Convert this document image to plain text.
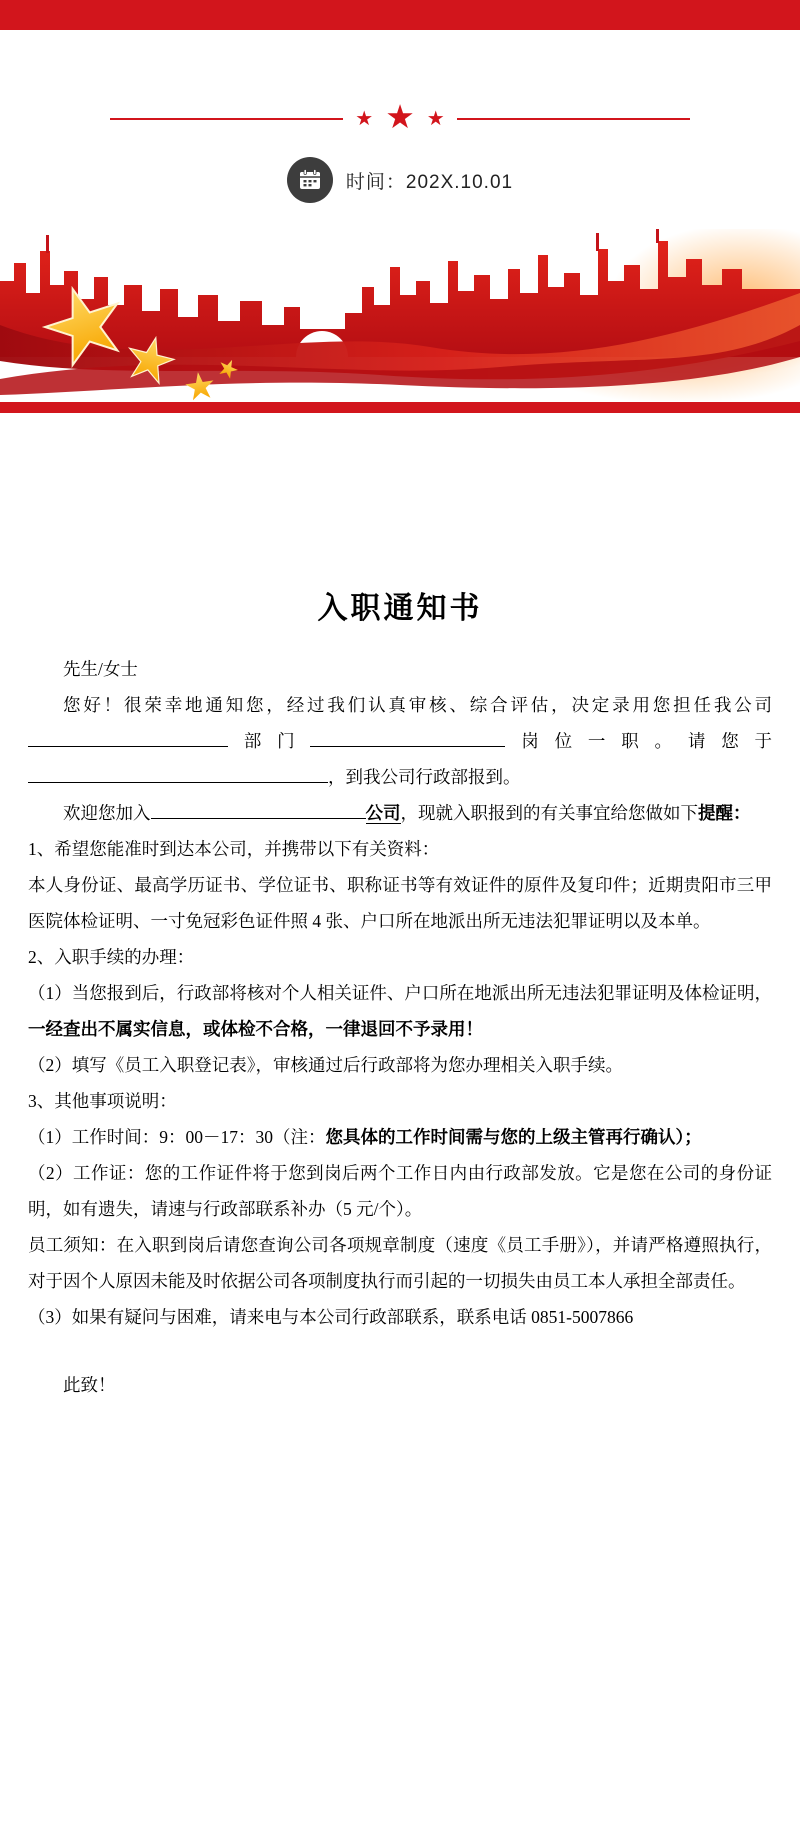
★ ★ ★
时间：202X.10.01
入职通知书

先生/女士

您好！很荣幸地通知您，经过我们认真审核、综合评估，决定录用您担任我公司部门	岗位一职。请您于，到我公司行政部报到。

欢迎您加入	公司，现就入职报到的有关事宜给您做如下提醒：

1、希望您能准时到达本公司，并携带以下有关资料：

本人身份证、最高学历证书、学位证书、职称证书等有效证件的原件及复印件；近期贵阳市三甲医院体检证明、一寸免冠彩色证件照 4 张、户口所在地派出所无违法犯罪证明以及本单。

2、入职手续的办理：

（1）当您报到后，行政部将核对个人相关证件、户口所在地派出所无违法犯罪证明及体检证明，一经查出不属实信息，或体检不合格，一律退回不予录用！

（2）填写《员工入职登记表》，审核通过后行政部将为您办理相关入职手续。

3、其他事项说明：

（1）工作时间：9：00－17：30（注：您具体的工作时间需与您的上级主管再行确认）；

（2）工作证：您的工作证件将于您到岗后两个工作日内由行政部发放。它是您在公司的身份证明，如有遗失，请速与行政部联系补办（5 元/个）。

员工须知：在入职到岗后请您查询公司各项规章制度（速度《员工手册》），并请严格遵照执行，对于因个人原因未能及时依据公司各项制度执行而引起的一切损失由员工本人承担全部责任。

（3）如果有疑问与困难，请来电与本公司行政部联系，联系电话 0851-5007866

此致！
